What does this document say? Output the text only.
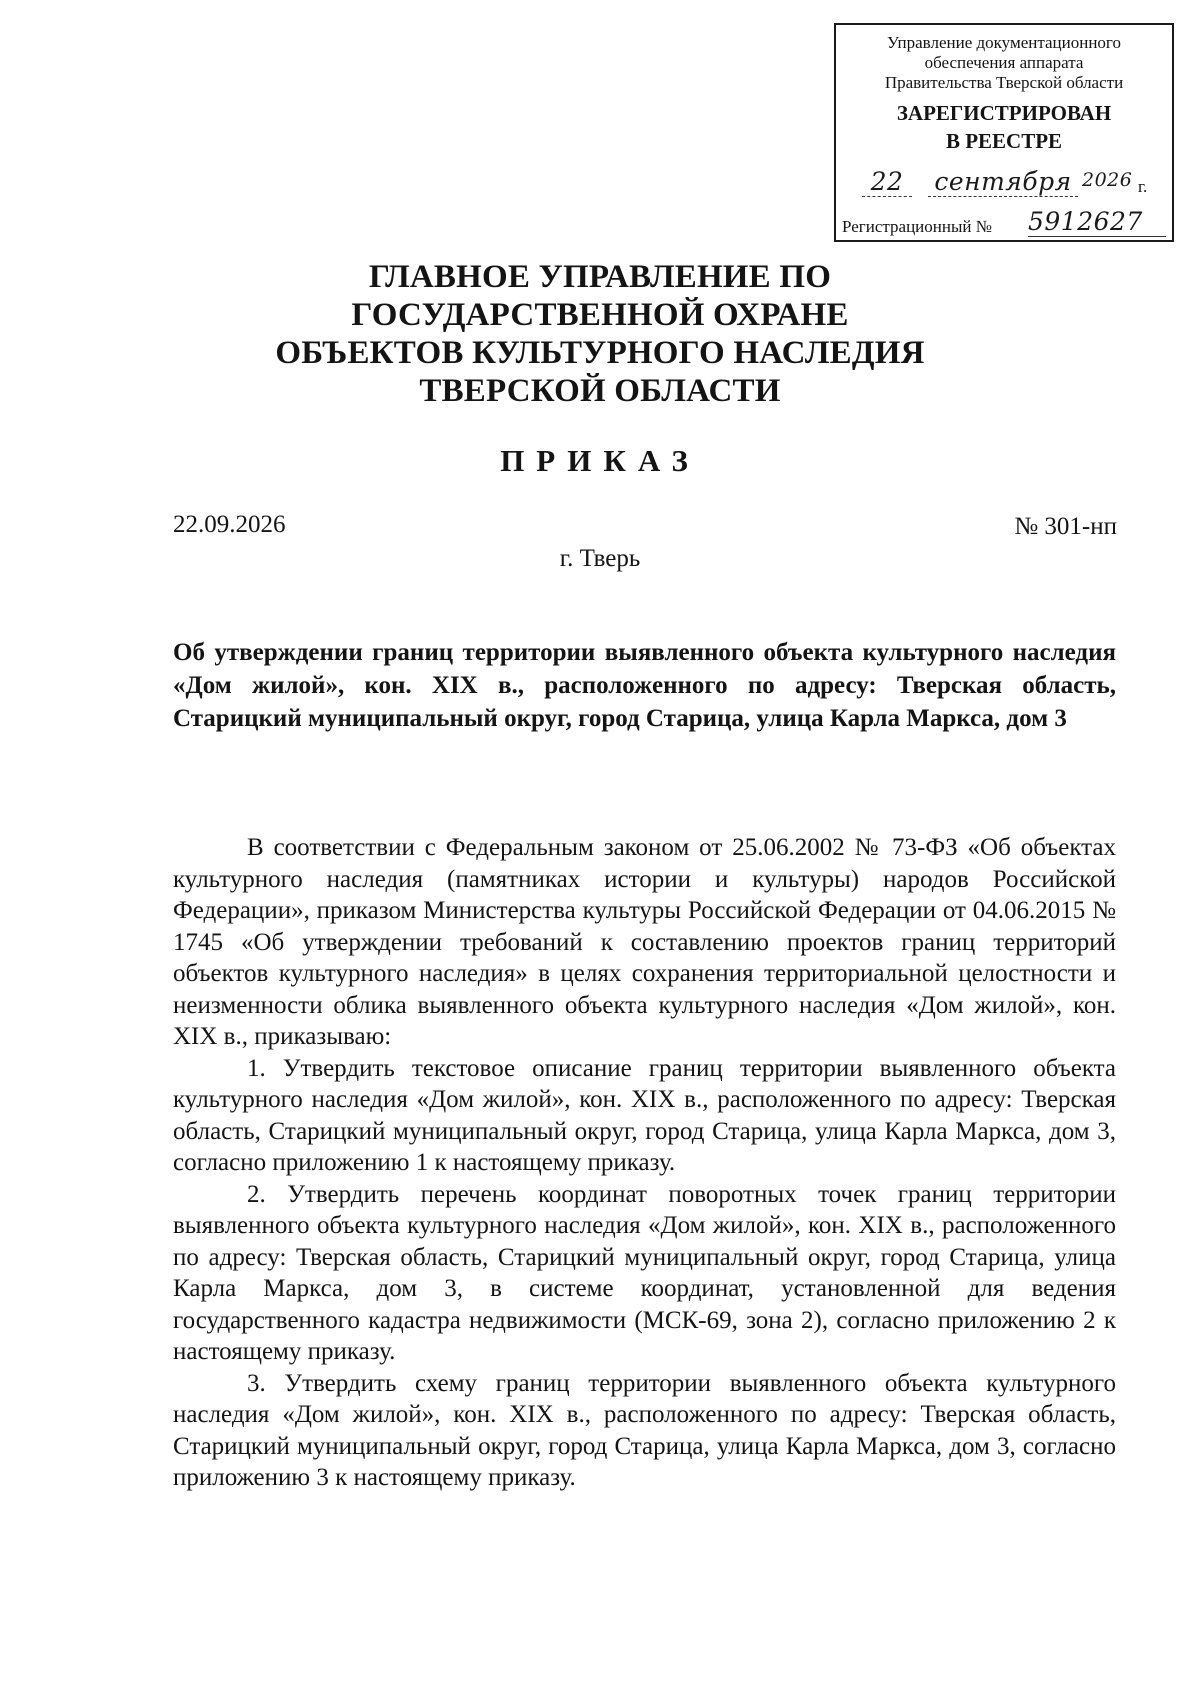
Управление документационного
обеспечения аппарата
Правительства Тверской области
ЗАРЕГИСТРИРОВАН
В РЕЕСТРЕ
22	сентября 2026 г.
Регистрационный № 5912627
ГЛАВНОЕ УПРАВЛЕНИЕ ПО
ГОСУДАРСТВЕННОЙ ОХРАНЕ
ОБЪЕКТОВ КУЛЬТУРНОГО НАСЛЕДИЯ
ТВЕРСКОЙ ОБЛАСТИ
ПРИКАЗ
22.09.2026	№ 301-нп
г. Тверь
Об утверждении границ территории выявленного объекта культурного наследия «Дом жилой», кон. XIX в., расположенного по адресу: Тверская область, Старицкий муниципальный округ, город Старица, улица Карла Маркса, дом 3

В соответствии с Федеральным законом от 25.06.2002 № 73-ФЗ «Об объектах культурного наследия (памятниках истории и культуры) народов Российской Федерации», приказом Министерства культуры Российской Федерации от 04.06.2015 № 1745 «Об утверждении требований к составлению проектов границ территорий объектов культурного наследия» в целях сохранения территориальной целостности и неизменности облика выявленного объекта культурного наследия «Дом жилой», кон. XIX в., приказываю:

1. Утвердить текстовое описание границ территории выявленного объекта культурного наследия «Дом жилой», кон. XIX в., расположенного по адресу: Тверская область, Старицкий муниципальный округ, город Старица, улица Карла Маркса, дом 3, согласно приложению 1 к настоящему приказу.

2. Утвердить перечень координат поворотных точек границ территории выявленного объекта культурного наследия «Дом жилой», кон. XIX в., расположенного по адресу: Тверская область, Старицкий муниципальный округ, город Старица, улица Карла Маркса, дом 3, в системе координат, установленной для ведения государственного кадастра недвижимости (МСК-69, зона 2), согласно приложению 2 к настоящему приказу.

3. Утвердить схему границ территории выявленного объекта культурного наследия «Дом жилой», кон. XIX в., расположенного по адресу: Тверская область, Старицкий муниципальный округ, город Старица, улица Карла Маркса, дом 3, согласно приложению 3 к настоящему приказу.
